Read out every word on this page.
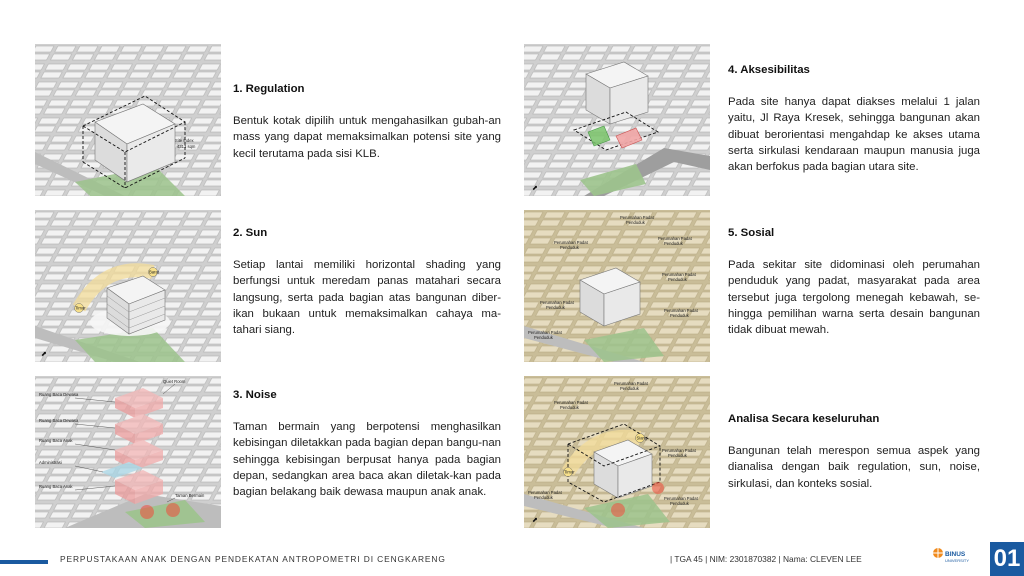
Site Index
4313 sqm
Timur
Barat
⬈
Ruang Baca Dewasa
Ruang Baca Dewasa
Ruang Baca Anak
Administrasi
Ruang Baca Anak
Quiet Room
Taman Bermain
⬈
Perumahan Padat
Penduduk
Perumahan Padat
Penduduk
Perumahan Padat
Penduduk
Perumahan Padat
Penduduk
Perumahan Padat
Penduduk
Perumahan Padat
Penduduk
Perumahan Padat
Penduduk
Timur
Siang
Perumahan Padat
Penduduk
Perumahan Padat
Penduduk
Perumahan Padat
Penduduk
Perumahan Padat
Penduduk	Perumahan Padat
Penduduk
⬈
1. Regulation

Bentuk kotak dipilih untuk mengahasilkan gubah-an mass yang dapat memaksimalkan potensi site yang kecil terutama pada sisi KLB.

2. Sun

Setiap lantai memiliki horizontal shading yang berfungsi untuk meredam panas matahari secara langsung, serta pada bagian atas bangunan diber-ikan bukaan untuk memaksimalkan cahaya ma-tahari siang.

3. Noise

Taman bermain yang berpotensi menghasilkan kebisingan diletakkan pada bagian depan bangu-nan sehingga kebisingan berpusat hanya pada bagian depan, sedangkan area baca akan diletak-kan pada bagian belakang baik dewasa maupun anak anak.

4. Aksesibilitas

Pada site hanya dapat diakses melalui 1 jalan yaitu, Jl Raya Kresek, sehingga bangunan akan dibuat berorientasi mengahdap ke akses utama serta sirkulasi kendaraan maupun manusia juga akan berfokus pada bagian utara site.

5. Sosial

Pada sekitar site didominasi oleh perumahan penduduk yang padat, masyarakat pada area tersebut juga tergolong menegah kebawah, se-hingga pemilihan warna serta desain bangunan tidak dibuat mewah.

Analisa Secara keseluruhan

Bangunan telah merespon semua aspek yang dianalisa dengan baik regulation, sun, noise, sirkulasi, dan konteks sosial.

PERPUSTAKAAN ANAK DENGAN PENDEKATAN ANTROPOMETRI DI CENGKARENG	| TGA 45 | NIM: 2301870382 | Nama: CLEVEN LEE	BINUS
UNIVERSITY 01
